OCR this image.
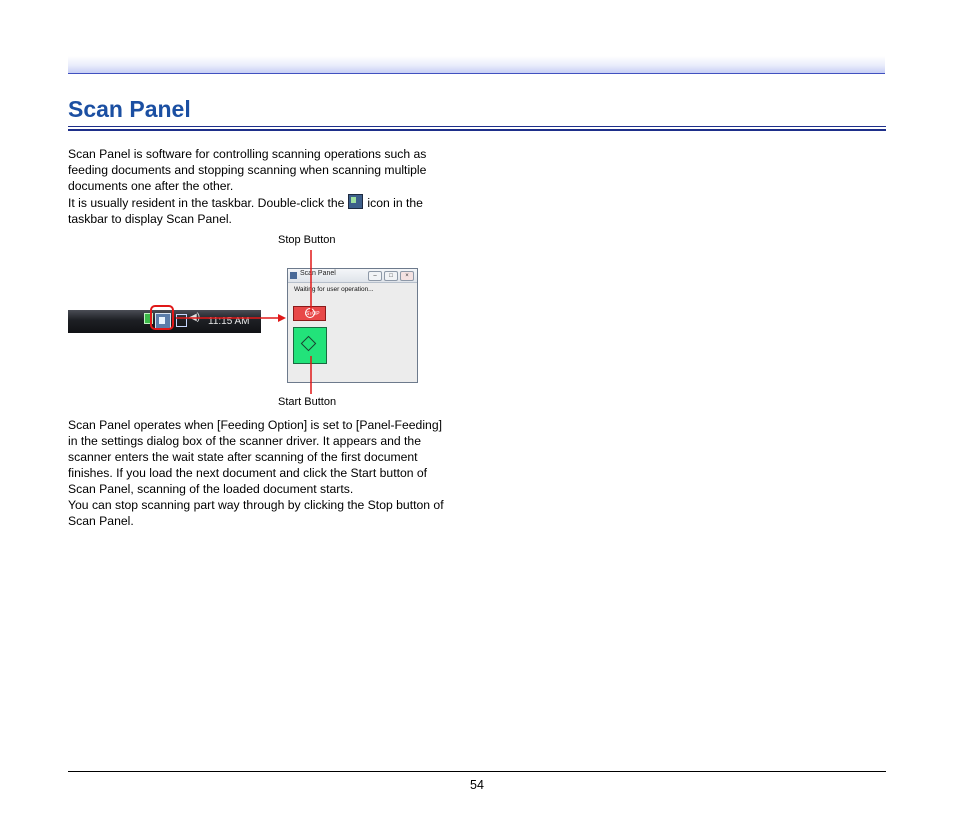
Scan Panel

Scan Panel is software for controlling scanning operations such as
feeding documents and stopping scanning when scanning multiple
documents one after the other.
It is usually resident in the taskbar. Double-click the icon in the
taskbar to display Scan Panel.

Stop Button
Start Button
◀) 11:15 AM
Scan Panel	–	□	×
Waiting for user operation...
STOP

Scan Panel operates when [Feeding Option] is set to [Panel-Feeding]
in the settings dialog box of the scanner driver. It appears and the
scanner enters the wait state after scanning of the first document
finishes. If you load the next document and click the Start button of
Scan Panel, scanning of the loaded document starts.
You can stop scanning part way through by clicking the Stop button of
Scan Panel.

54
